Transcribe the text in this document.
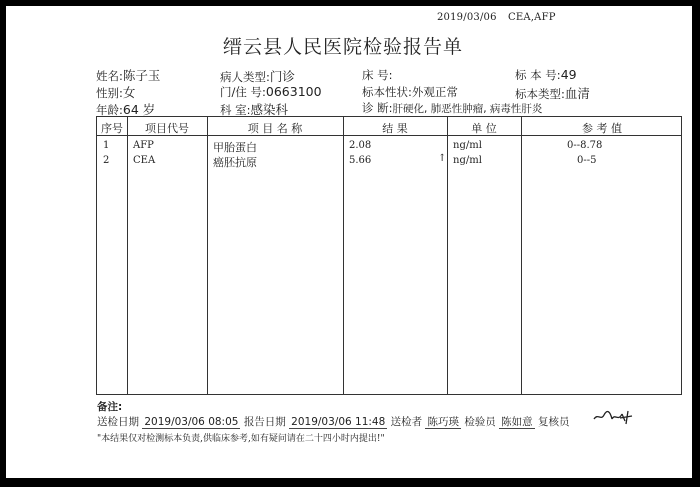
2019/03/06 CEA,AFP
缙云县人民医院检验报告单
姓名:陈子玉
性别:女
年龄:64 岁
病人类型:门诊
门/住 号:0663100
科 室:感染科
床 号:
标本性状:外观正常
诊 断:肝硬化, 肺恶性肿瘤, 病毒性肝炎
标 本 号:49
标本类型:血清
序号	项目代号	项 目 名 称	结 果	单 位	参 考 值
1 AFP	甲胎蛋白	2.08	ng/ml	0--8.78
2 CEA	癌胚抗原	5.66	↑ ng/ml	0--5
备注:
送检日期 2019/03/06 08:05 报告日期 2019/03/06 11:48 送检者 陈巧瑛 检验员 陈如意 复核员
"本结果仅对检测标本负责,供临床参考,如有疑问请在二十四小时内提出!"
